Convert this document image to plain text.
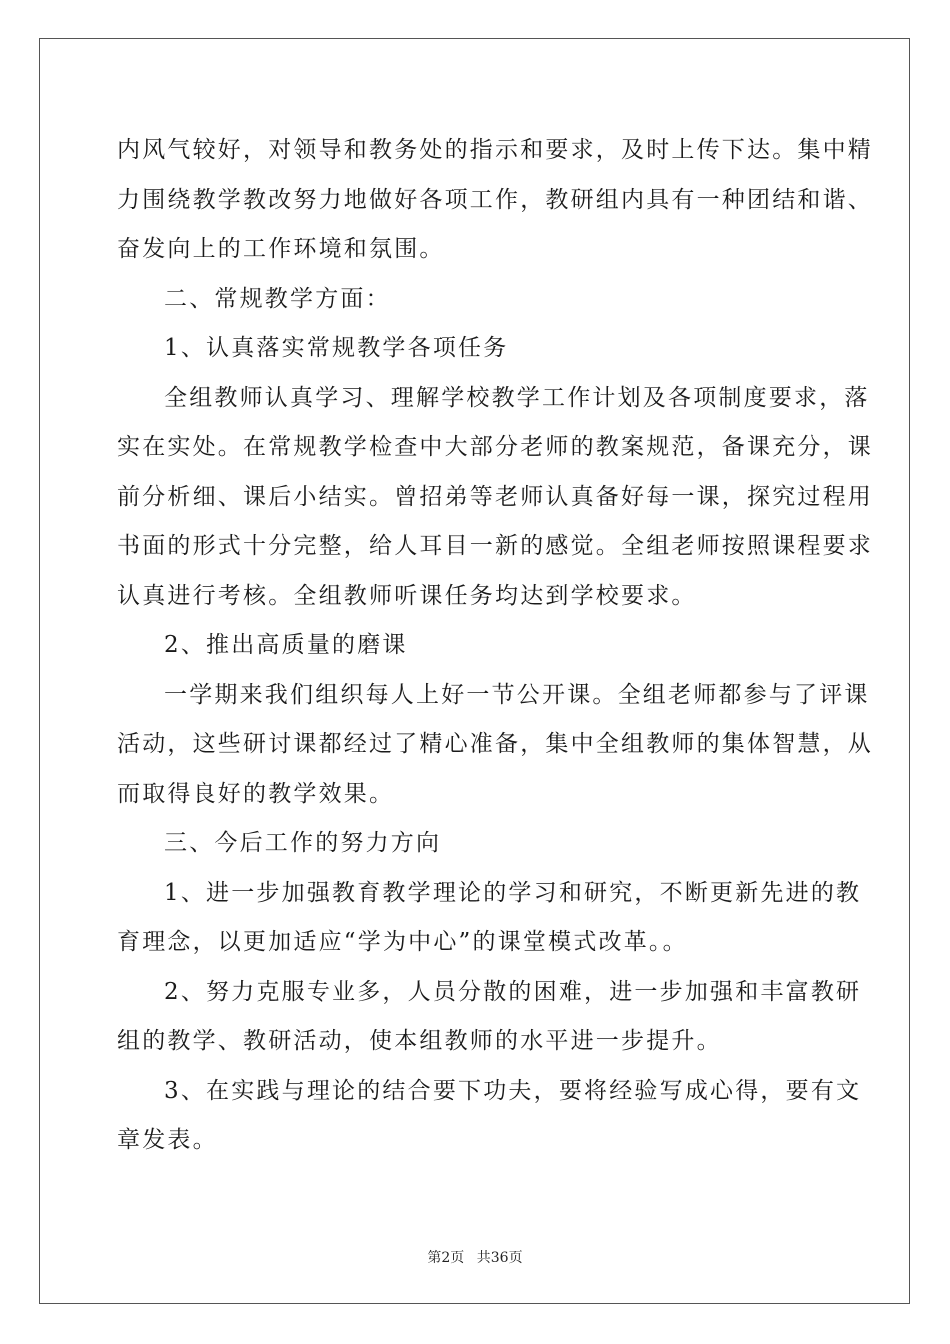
内风气较好，对领导和教务处的指示和要求，及时上传下达。集中精
力围绕教学教改努力地做好各项工作，教研组内具有一种团结和谐、
奋发向上的工作环境和氛围。
二、常规教学方面：
1、认真落实常规教学各项任务
全组教师认真学习、理解学校教学工作计划及各项制度要求，落
实在实处。在常规教学检查中大部分老师的教案规范，备课充分，课
前分析细、课后小结实。曾招弟等老师认真备好每一课，探究过程用
书面的形式十分完整，给人耳目一新的感觉。全组老师按照课程要求
认真进行考核。全组教师听课任务均达到学校要求。
2、推出高质量的磨课
一学期来我们组织每人上好一节公开课。全组老师都参与了评课
活动，这些研讨课都经过了精心准备，集中全组教师的集体智慧，从
而取得良好的教学效果。
三、今后工作的努力方向
1、进一步加强教育教学理论的学习和研究，不断更新先进的教
育理念，以更加适应“学为中心”的课堂模式改革。。
2、努力克服专业多，人员分散的困难，进一步加强和丰富教研
组的教学、教研活动，使本组教师的水平进一步提升。
3、在实践与理论的结合要下功夫，要将经验写成心得，要有文
章发表。
第2页 共36页
